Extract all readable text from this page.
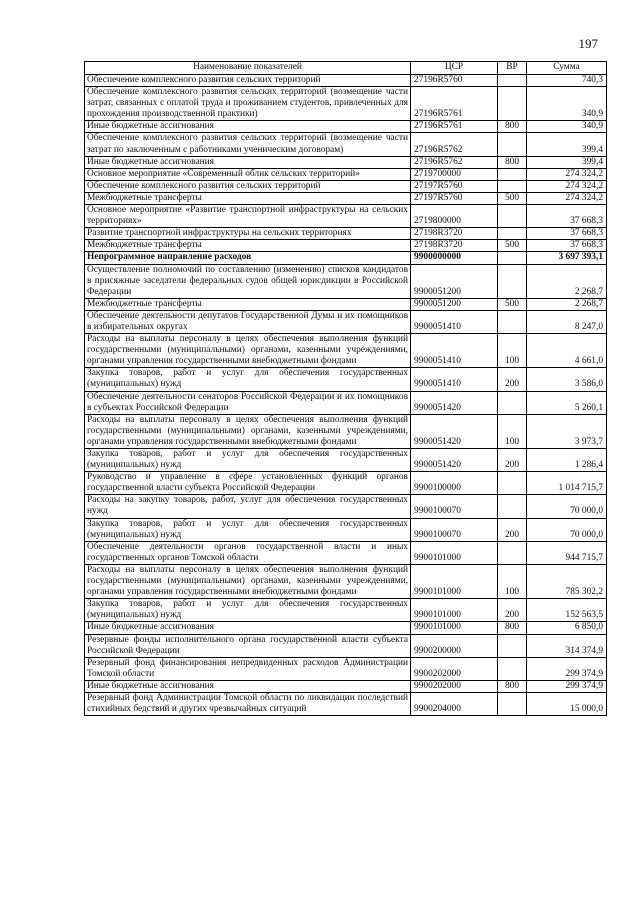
197
Наименование показателей	ЦСР	ВР	Сумма
Обеспечение комплексного развития сельских территорий	27196R5760		740,3
Обеспечение комплексного развития сельских территорий (возмещение части затрат, связанных с оплатой труда и проживанием студентов, привлеченных для прохождения производственной практики)	27196R5761		340,9
Иные бюджетные ассигнования	27196R5761	800	340,9
Обеспечение комплексного развития сельских территорий (возмещение части затрат по заключенным с работниками ученическим договорам)	27196R5762		399,4
Иные бюджетные ассигнования	27196R5762	800	399,4
Основное мероприятие «Современный облик сельских территорий»	2719700000		274 324,2
Обеспечение комплексного развития сельских территорий	27197R5760		274 324,2
Межбюджетные трансферты	27197R5760	500	274 324,2
Основное мероприятие «Развитие транспортной инфраструктуры на сельских территориях»	2719800000		37 668,3
Развитие транспортной инфраструктуры на сельских территориях	27198R3720		37 668,3
Межбюджетные трансферты	27198R3720	500	37 668,3
Непрограммное направление расходов	9900000000		3 697 393,1
Осуществление полномочий по составлению (изменению) списков кандидатов в присяжные заседатели федеральных судов общей юрисдикции в Российской Федерации	9900051200		2 268,7
Межбюджетные трансферты	9900051200	500	2 268,7
Обеспечение деятельности депутатов Государственной Думы и их помощников в избирательных округах	9900051410		8 247,0
Расходы на выплаты персоналу в целях обеспечения выполнения функций государственными (муниципальными) органами, казенными учреждениями, органами управления государственными внебюджетными фондами	9900051410	100	4 661,0
Закупка товаров, работ и услуг для обеспечения государственных (муниципальных) нужд	9900051410	200	3 586,0
Обеспечение деятельности сенаторов Российской Федерации и их помощников в субъектах Российской Федерации	9900051420		5 260,1
Расходы на выплаты персоналу в целях обеспечения выполнения функций государственными (муниципальными) органами, казенными учреждениями, органами управления государственными внебюджетными фондами	9900051420	100	3 973,7
Закупка товаров, работ и услуг для обеспечения государственных (муниципальных) нужд	9900051420	200	1 286,4
Руководство и управление в сфере установленных функций органов государственной власти субъекта Российской Федерации	9900100000		1 014 715,7
Расходы на закупку товаров, работ, услуг для обеспечения государственных нужд	9900100070		70 000,0
Закупка товаров, работ и услуг для обеспечения государственных (муниципальных) нужд	9900100070	200	70 000,0
Обеспечение деятельности органов государственной власти и иных государственных органов Томской области	9900101000		944 715,7
Расходы на выплаты персоналу в целях обеспечения выполнения функций государственными (муниципальными) органами, казенными учреждениями, органами управления государственными внебюджетными фондами	9900101000	100	785 302,2
Закупка товаров, работ и услуг для обеспечения государственных (муниципальных) нужд	9900101000	200	152 563,5
Иные бюджетные ассигнования	9900101000	800	6 850,0
Резервные фонды исполнительного органа государственной власти субъекта Российской Федерации	9900200000		314 374,9
Резервный фонд финансирования непредвиденных расходов Администрации Томской области	9900202000		299 374,9
Иные бюджетные ассигнования	9900202000	800	299 374,9
Резервный фонд Администрации Томской области по ликвидации последствий стихийных бедствий и других чрезвычайных ситуаций	9900204000		15 000,0
